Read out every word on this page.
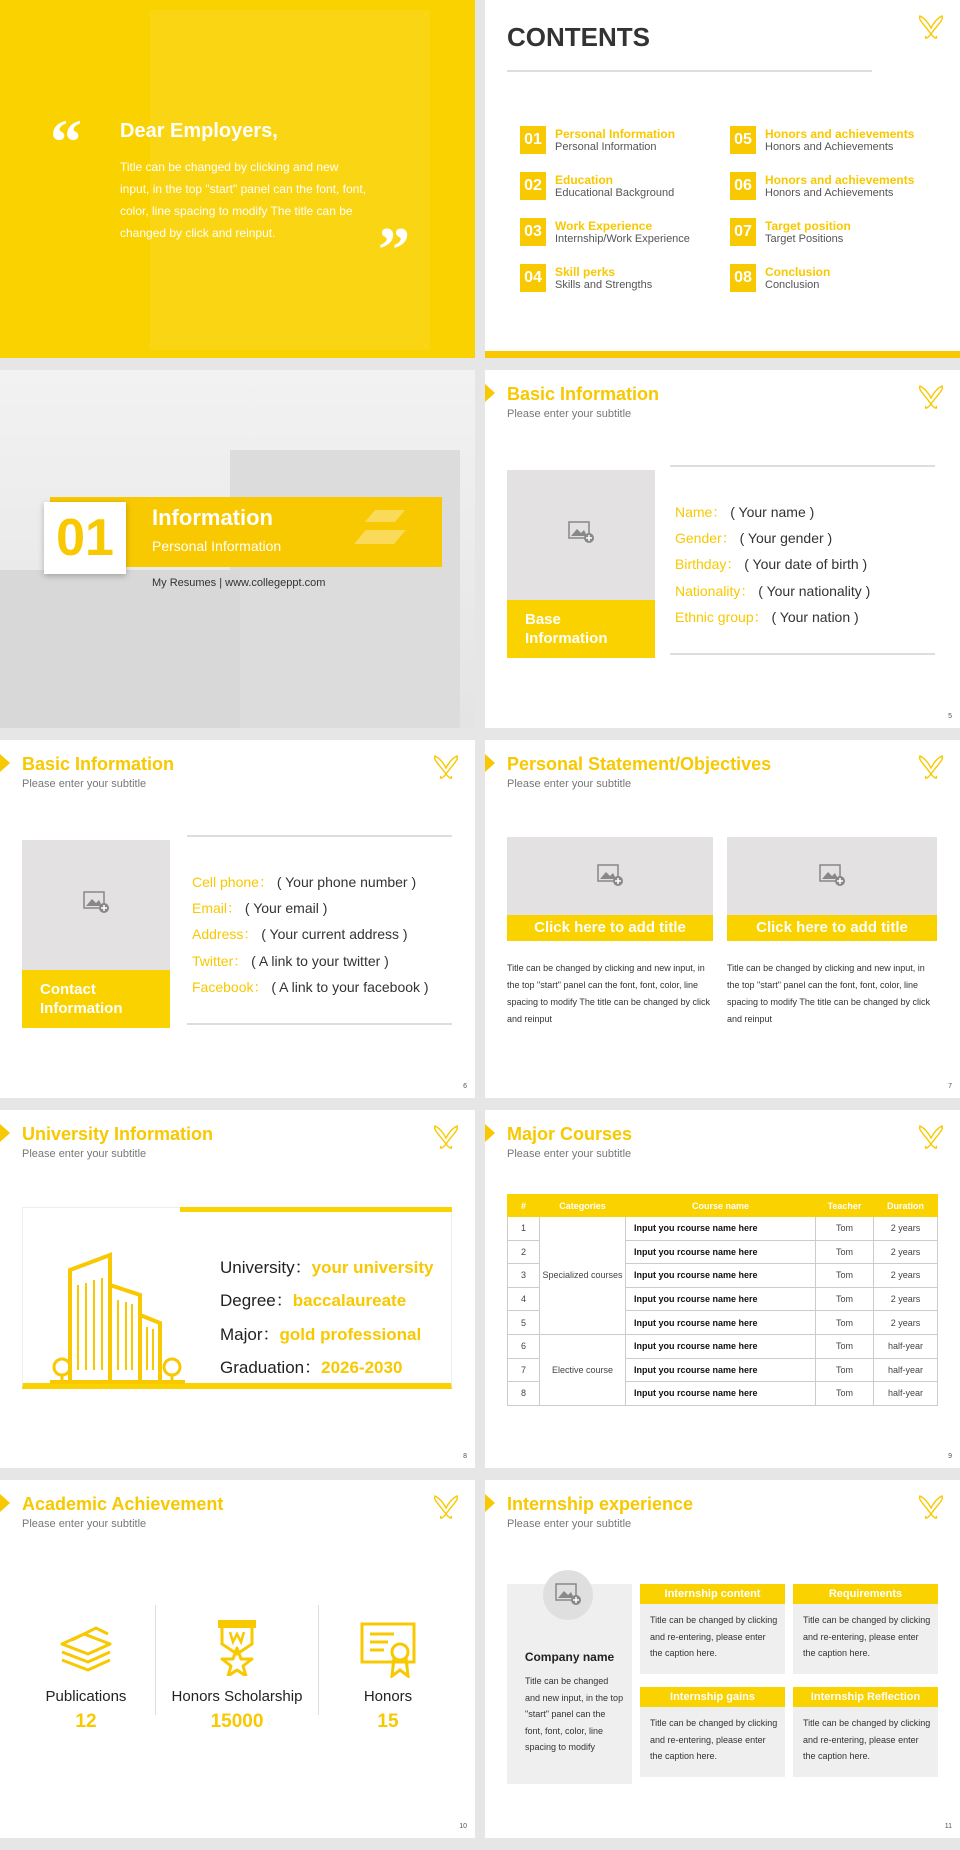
“ Dear Employers,
Title can be changed by clicking and new input, in the top "start" panel can the font, font, color, line spacing to modify The title can be changed by click and reinput.	”
CONTENTS
01	Personal Information
Personal Information
02	Education
Educational Background
03	Work Experience
Internship/Work Experience
04	Skill perks
Skills and Strengths
05	Honors and achievements
Honors and Achievements
06	Honors and achievements
Honors and Achievements
07	Target position
Target Positions
08	Conclusion
Conclusion
01	Information
Personal Information
My Resumes | www.collegeppt.com
Basic Information
Please enter your subtitle
Base Information
Name： ( Your name )
Gender： ( Your gender )
Birthday： ( Your date of birth )
Nationality： ( Your nationality )
Ethnic group： ( Your nation )
5
Basic Information
Please enter your subtitle
Contact Information
Cell phone： ( Your phone number )
Email： ( Your email )
Address： ( Your current address )
Twitter： ( A link to your twitter )
Facebook： ( A link to your facebook )
6
Personal Statement/Objectives
Please enter your subtitle
Click here to add title
Title can be changed by clicking and new input, in the top "start" panel can the font, font, color, line spacing to modify The title can be changed by click and reinput
Click here to add title
Title can be changed by clicking and new input, in the top "start" panel can the font, font, color, line spacing to modify The title can be changed by click and reinput
7
University Information
Please enter your subtitle
University：your university
Degree：baccalaureate
Major：gold professional
Graduation：2026-2030
8
Major Courses
Please enter your subtitle
#	Categories	Course name	Teacher	Duration
1	Specialized courses	Input you rcourse name here	Tom	2 years
2		Input you rcourse name here	Tom	2 years
3		Input you rcourse name here	Tom	2 years
4		Input you rcourse name here	Tom	2 years
5		Input you rcourse name here	Tom	2 years
6	Elective course	Input you rcourse name here	Tom	half-year
7		Input you rcourse name here	Tom	half-year
8		Input you rcourse name here	Tom	half-year
9
Academic Achievement
Please enter your subtitle
Publications
12
Honors Scholarship
15000
Honors
15
10
Internship experience
Please enter your subtitle
Company name
Title can be changed and new input, in the top "start" panel can the font, font, color, line spacing to modify
Internship content
Title can be changed by clicking and re-entering, please enter the caption here.
Requirements
Title can be changed by clicking and re-entering, please enter the caption here.
Internship gains
Title can be changed by clicking and re-entering, please enter the caption here.
Internship Reflection
Title can be changed by clicking and re-entering, please enter the caption here.
11
